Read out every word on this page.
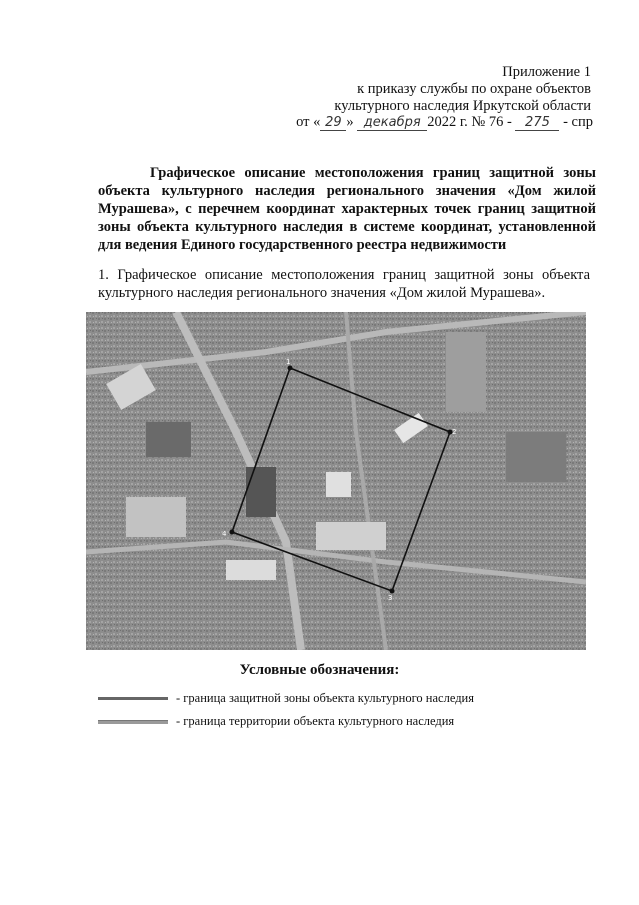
Приложение 1
к приказу службы по охране объектов
культурного наследия Иркутской области
от « 29 » декабря 2022 г. № 76 - 275 - спр
Графическое описание местоположения границ защитной зоны объекта культурного наследия регионального значения «Дом жилой Мурашева», с перечнем координат характерных точек границ защитной зоны объекта культурного наследия в системе координат, установленной для ведения Единого государственного реестра недвижимости
1. Графическое описание местоположения границ защитной зоны объекта культурного наследия регионального значения «Дом жилой Мурашева».
1
2
3
4
Условные обозначения:
- граница защитной зоны объекта культурного наследия
- граница территории объекта культурного наследия
